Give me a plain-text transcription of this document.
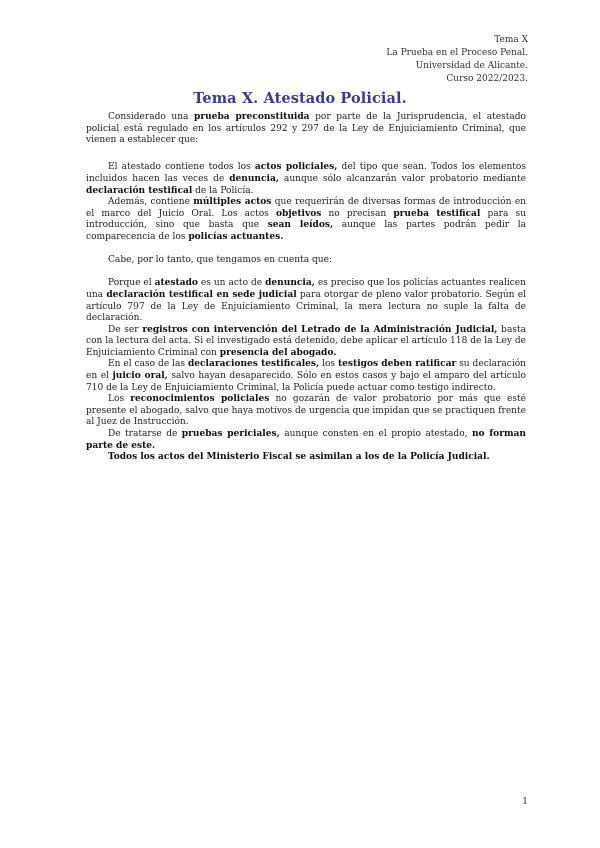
Tema X
La Prueba en el Proceso Penal.
Universidad de Alicante.
Curso 2022/2023.
Tema X. Atestado Policial.

Considerado una prueba preconstituida por parte de la Jurisprudencia, el atestado policial está regulado en los artículos 292 y 297 de la Ley de Enjuiciamiento Criminal, que vienen a establecer que:

El atestado contiene todos los actos policiales, del tipo que sean. Todos los elementos incluidos hacen las veces de denuncia, aunque sólo alcanzarán valor probatorio mediante declaración testifical de la Policía.

Además, contiene múltiples actos que requerirán de diversas formas de introducción en el marco del Juicio Oral. Los actos objetivos no precisan prueba testifical para su introducción, sino que basta que sean leídos, aunque las partes podrán pedir la comparecencia de los policías actuantes.

Cabe, por lo tanto, que tengamos en cuenta que:

Porque el atestado es un acto de denuncia, es preciso que los policías actuantes realicen una declaración testifical en sede judicial para otorgar de pleno valor probatorio. Según el artículo 797 de la Ley de Enjuiciamiento Criminal, la mera lectura no suple la falta de declaración.

De ser registros con intervención del Letrado de la Administración Judicial, basta con la lectura del acta. Si el investigado está detenido, debe aplicar el artículo 118 de la Ley de Enjuiciamiento Criminal con presencia del abogado.

En el caso de las declaraciones testificales, los testigos deben ratificar su declaración en el juicio oral, salvo hayan desaparecido. Sólo en estos casos y bajo el amparo del artículo 710 de la Ley de Enjuiciamiento Criminal, la Policía puede actuar como testigo indirecto.

Los reconocimientos policiales no gozarán de valor probatorio por más que esté presente el abogado, salvo que haya motivos de urgencia que impidan que se practiquen frente al Juez de Instrucción.

De tratarse de pruebas periciales, aunque consten en el propio atestado, no forman parte de este.

Todos los actos del Ministerio Fiscal se asimilan a los de la Policía Judicial.

1
